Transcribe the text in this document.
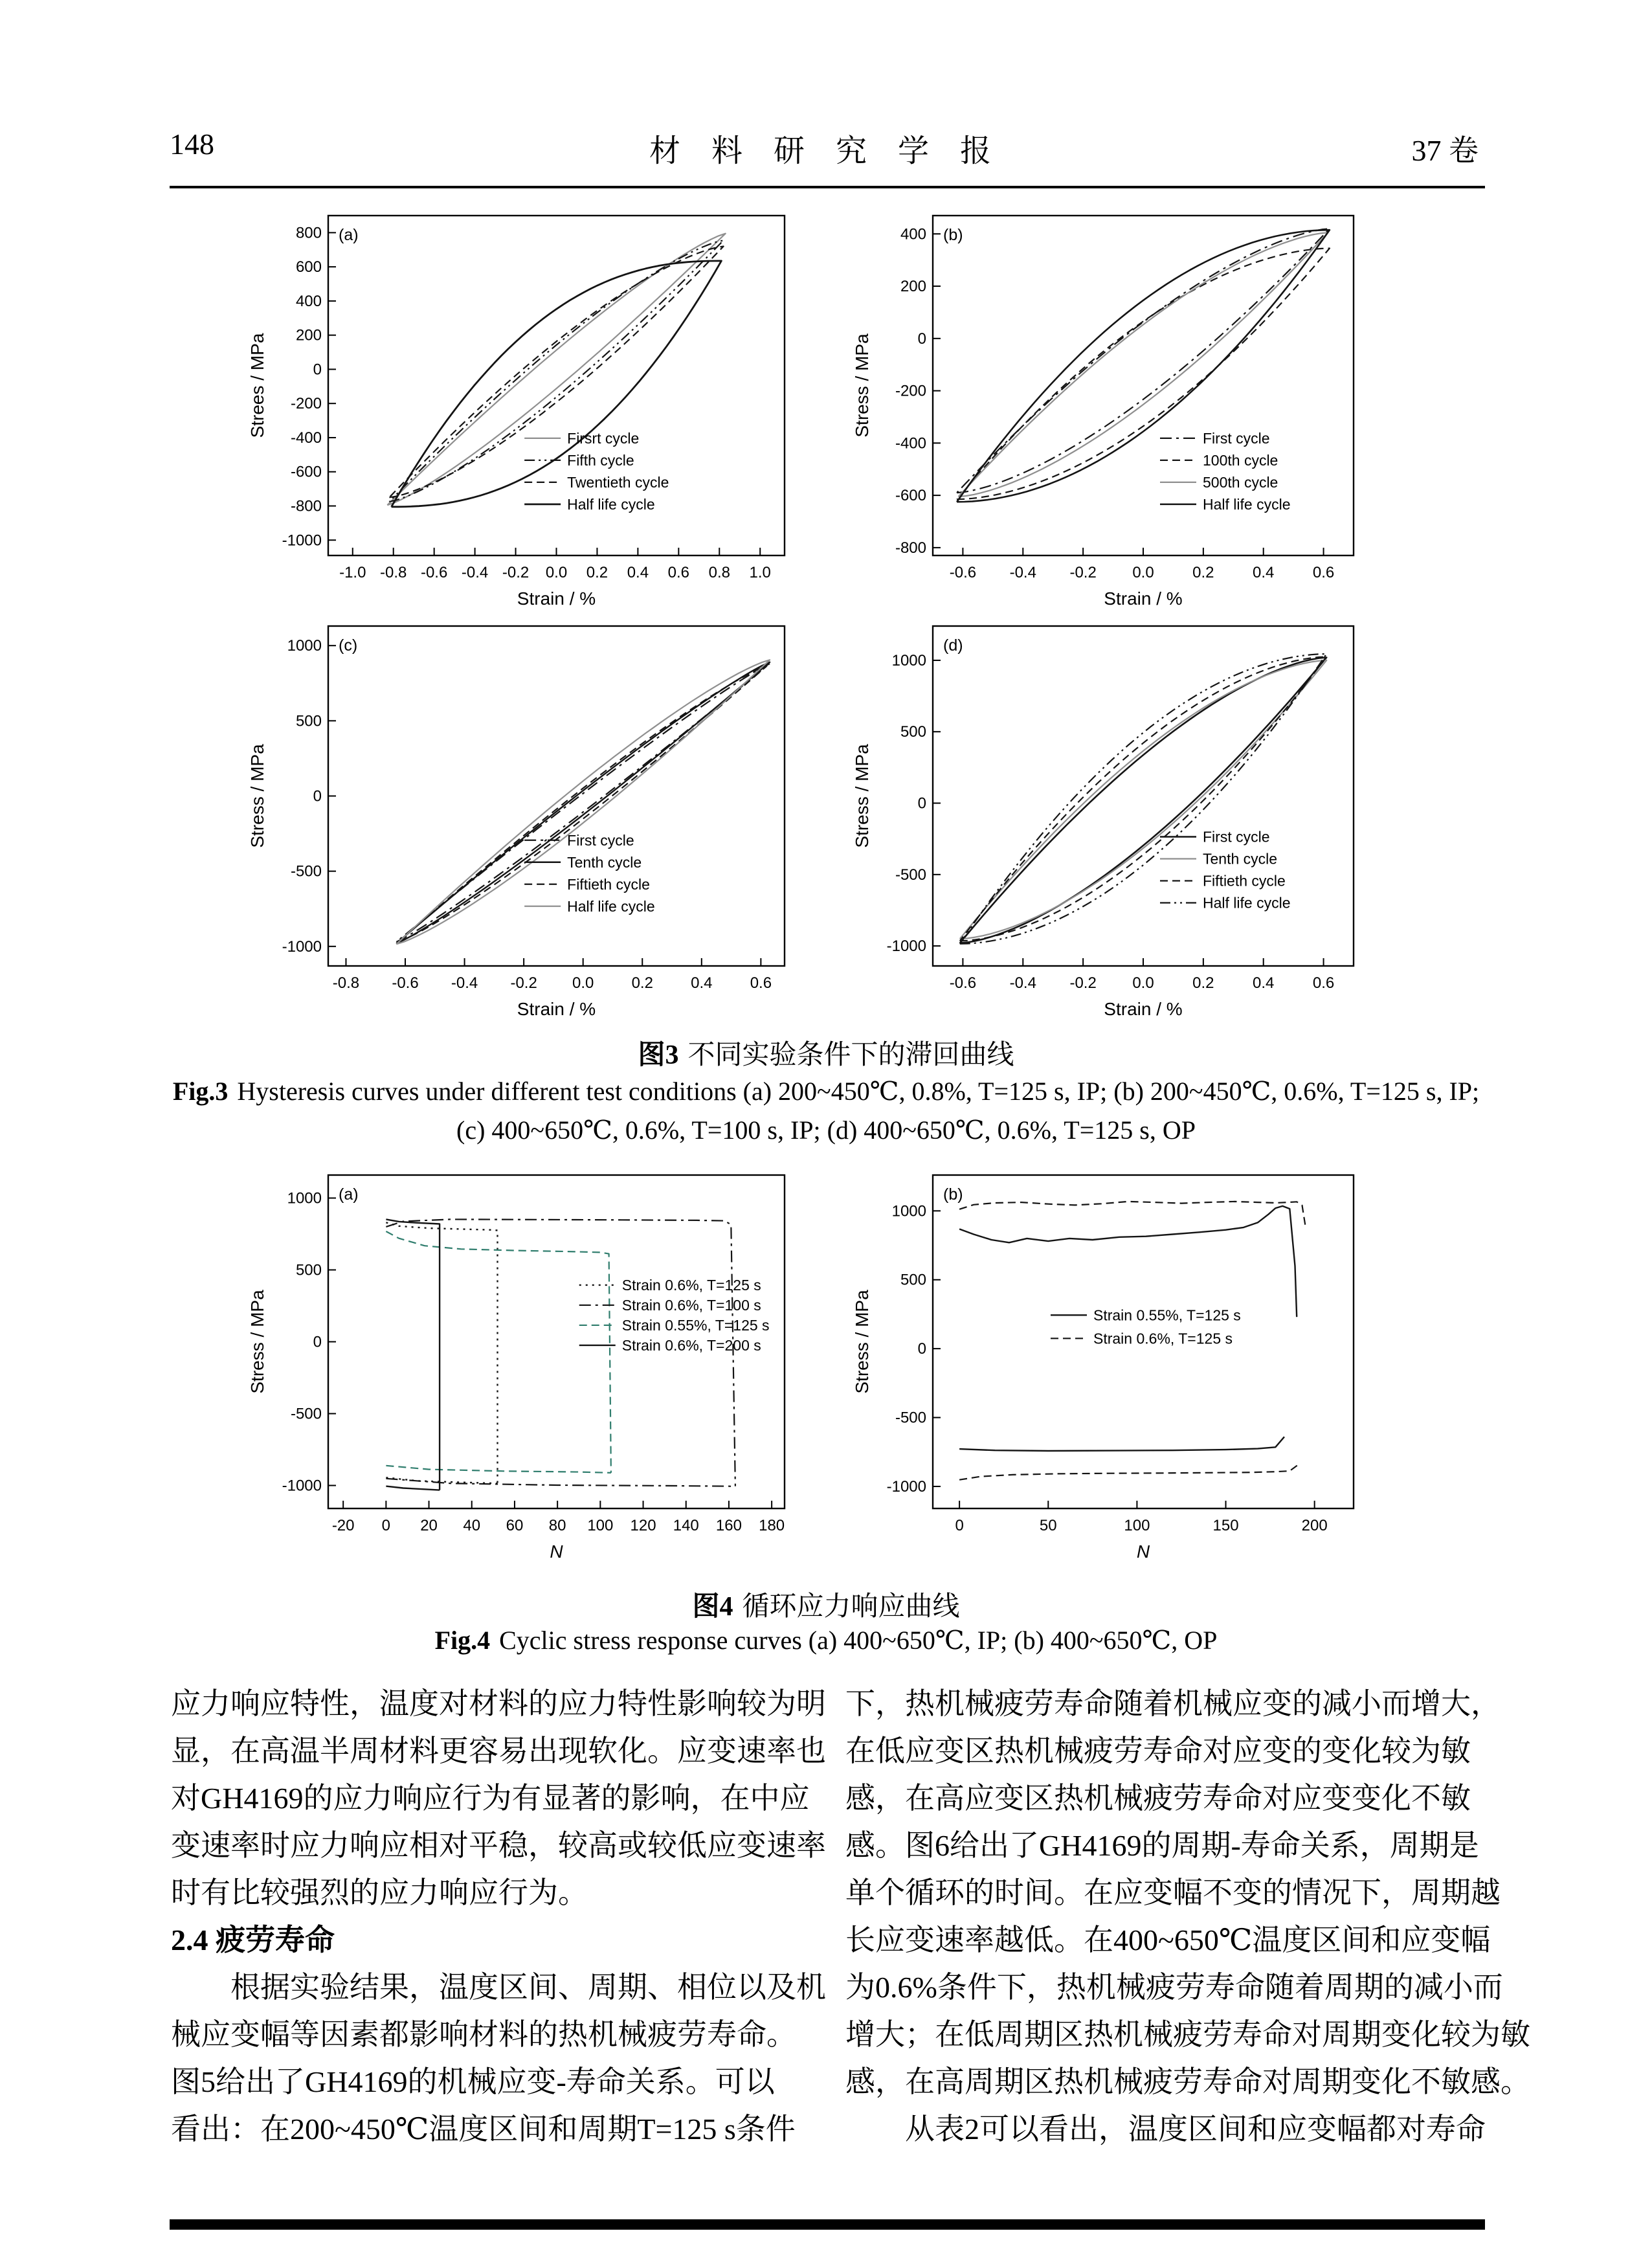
148	材 料 研 究 学 报	37 卷
-1.0 -0.8 -0.6 -0.4 -0.2 0.0 0.2 0.4 0.6 0.8 1.0
800
600
400
200
0
-200
-400
-600
-800
-1000
(a)
Strain / %
Strees / MPa
Firsrt cycle
Fifth cycle
Twentieth cycle
Half life cycle
-0.6 -0.4 -0.2 0.0 0.2 0.4 0.6
400
200
0
-200
-400
-600
-800
(b)
Strain / %
Stress / MPa
First cycle
100th cycle
500th cycle
Half life cycle
-0.8 -0.6 -0.4 -0.2 0.0 0.2 0.4 0.6
1000
500
0
-500
-1000
(c)
Strain / %
Stress / MPa	First cycle
Tenth cycle
Fiftieth cycle
Half life cycle
-0.6 -0.4 -0.2 0.0 0.2 0.4 0.6
1000
500
0
-500
-1000
(d)
Strain / %
Stress / MPa	First cycle
Tenth cycle
Fiftieth cycle
Half life cycle
图3 不同实验条件下的滞回曲线
Fig.3 Hysteresis curves under different test conditions (a) 200~450℃, 0.8%, T=125 s, IP; (b) 200~450℃, 0.6%, T=125 s, IP;
(c) 400~650℃, 0.6%, T=100 s, IP; (d) 400~650℃, 0.6%, T=125 s, OP
-20 0 20 40 60 80 100 120 140 160 180
1000
500
0
-500
-1000
(a)
N
Stress / MPa
Strain 0.6%, T=125 s
Strain 0.6%, T=100 s
Strain 0.55%, T=125 s
Strain 0.6%, T=200 s
0	50	100	150	200
1000
500
0
-500
-1000
(b)
N
Stress / MPa	Strain 0.55%, T=125 s
Strain 0.6%, T=125 s
图4 循环应力响应曲线
Fig.4 Cyclic stress response curves (a) 400~650℃, IP; (b) 400~650℃, OP
应力响应特性，温度对材料的应力特性影响较为明
显，在高温半周材料更容易出现软化。应变速率也
对GH4169的应力响应行为有显著的影响，在中应
变速率时应力响应相对平稳，较高或较低应变速率
时有比较强烈的应力响应行为。
2.4 疲劳寿命
　　根据实验结果，温度区间、周期、相位以及机
械应变幅等因素都影响材料的热机械疲劳寿命。
图5给出了GH4169的机械应变-寿命关系。可以
看出：在200~450℃温度区间和周期T=125 s条件
下，热机械疲劳寿命随着机械应变的减小而增大，
在低应变区热机械疲劳寿命对应变的变化较为敏
感，在高应变区热机械疲劳寿命对应变变化不敏
感。图6给出了GH4169的周期-寿命关系，周期是
单个循环的时间。在应变幅不变的情况下，周期越
长应变速率越低。在400~650℃温度区间和应变幅
为0.6%条件下，热机械疲劳寿命随着周期的减小而
增大；在低周期区热机械疲劳寿命对周期变化较为敏
感，在高周期区热机械疲劳寿命对周期变化不敏感。
　　从表2可以看出，温度区间和应变幅都对寿命
